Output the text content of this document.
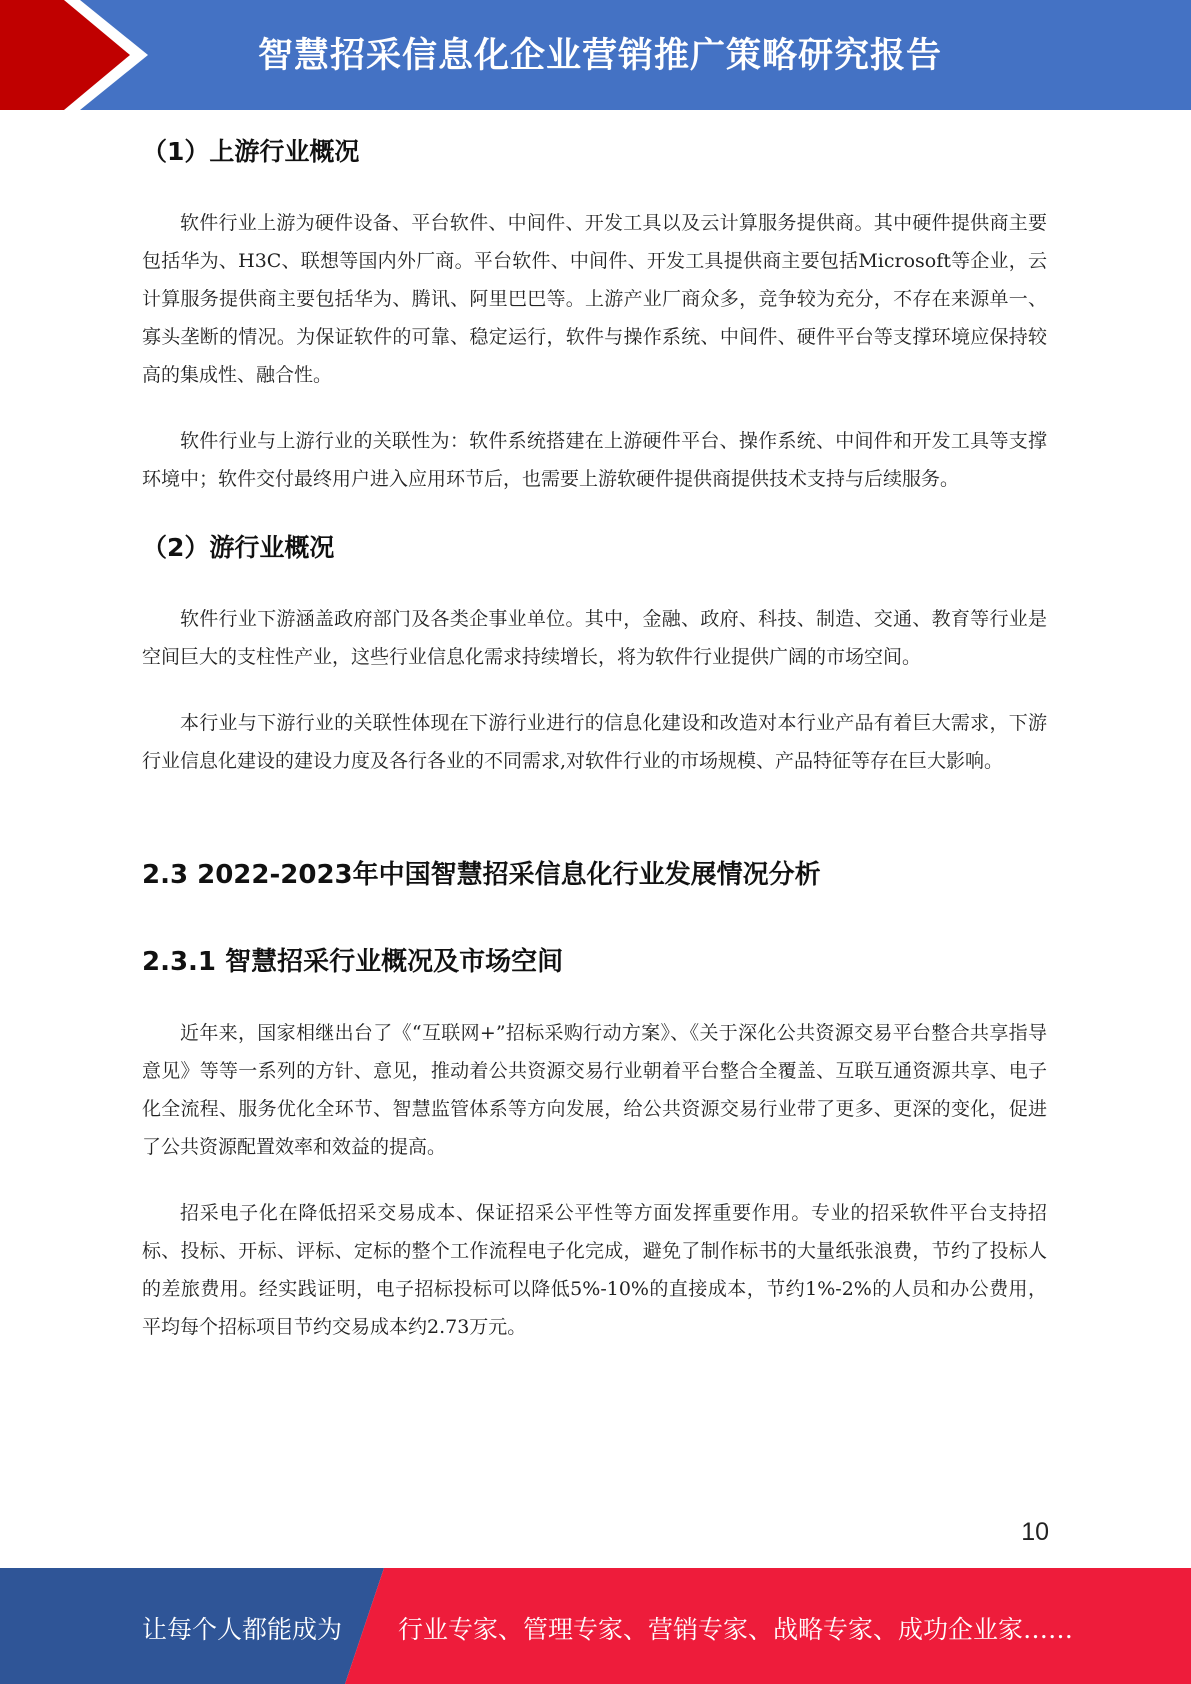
智慧招采信息化企业营销推广策略研究报告
（1）上游行业概况

软件行业上游为硬件设备、平台软件、中间件、开发工具以及云计算服务提供商。其中硬件提供商主要包括华为、H3C、联想等国内外厂商。平台软件、中间件、开发工具提供商主要包括Microsoft等企业，云计算服务提供商主要包括华为、腾讯、阿里巴巴等。上游产业厂商众多，竞争较为充分，不存在来源单一、寡头垄断的情况。为保证软件的可靠、稳定运行，软件与操作系统、中间件、硬件平台等支撑环境应保持较高的集成性、融合性。

软件行业与上游行业的关联性为：软件系统搭建在上游硬件平台、操作系统、中间件和开发工具等支撑环境中；软件交付最终用户进入应用环节后，也需要上游软硬件提供商提供技术支持与后续服务。

（2）游行业概况

软件行业下游涵盖政府部门及各类企事业单位。其中，金融、政府、科技、制造、交通、教育等行业是空间巨大的支柱性产业，这些行业信息化需求持续增长，将为软件行业提供广阔的市场空间。

本行业与下游行业的关联性体现在下游行业进行的信息化建设和改造对本行业产品有着巨大需求，下游行业信息化建设的建设力度及各行各业的不同需求,对软件行业的市场规模、产品特征等存在巨大影响。

2.3 2022-2023年中国智慧招采信息化行业发展情况分析
2.3.1 智慧招采行业概况及市场空间

近年来，国家相继出台了《“互联网+”招标采购行动方案》、《关于深化公共资源交易平台整合共享指导意见》等等一系列的方针、意见，推动着公共资源交易行业朝着平台整合全覆盖、互联互通资源共享、电子化全流程、服务优化全环节、智慧监管体系等方向发展，给公共资源交易行业带了更多、更深的变化，促进了公共资源配置效率和效益的提高。

招采电子化在降低招采交易成本、保证招采公平性等方面发挥重要作用。专业的招采软件平台支持招标、投标、开标、评标、定标的整个工作流程电子化完成，避免了制作标书的大量纸张浪费，节约了投标人的差旅费用。经实践证明，电子招标投标可以降低5%-10%的直接成本，节约1%-2%的人员和办公费用，平均每个招标项目节约交易成本约2.73万元。

10
让每个人都能成为 行业专家、管理专家、营销专家、战略专家、成功企业家……
